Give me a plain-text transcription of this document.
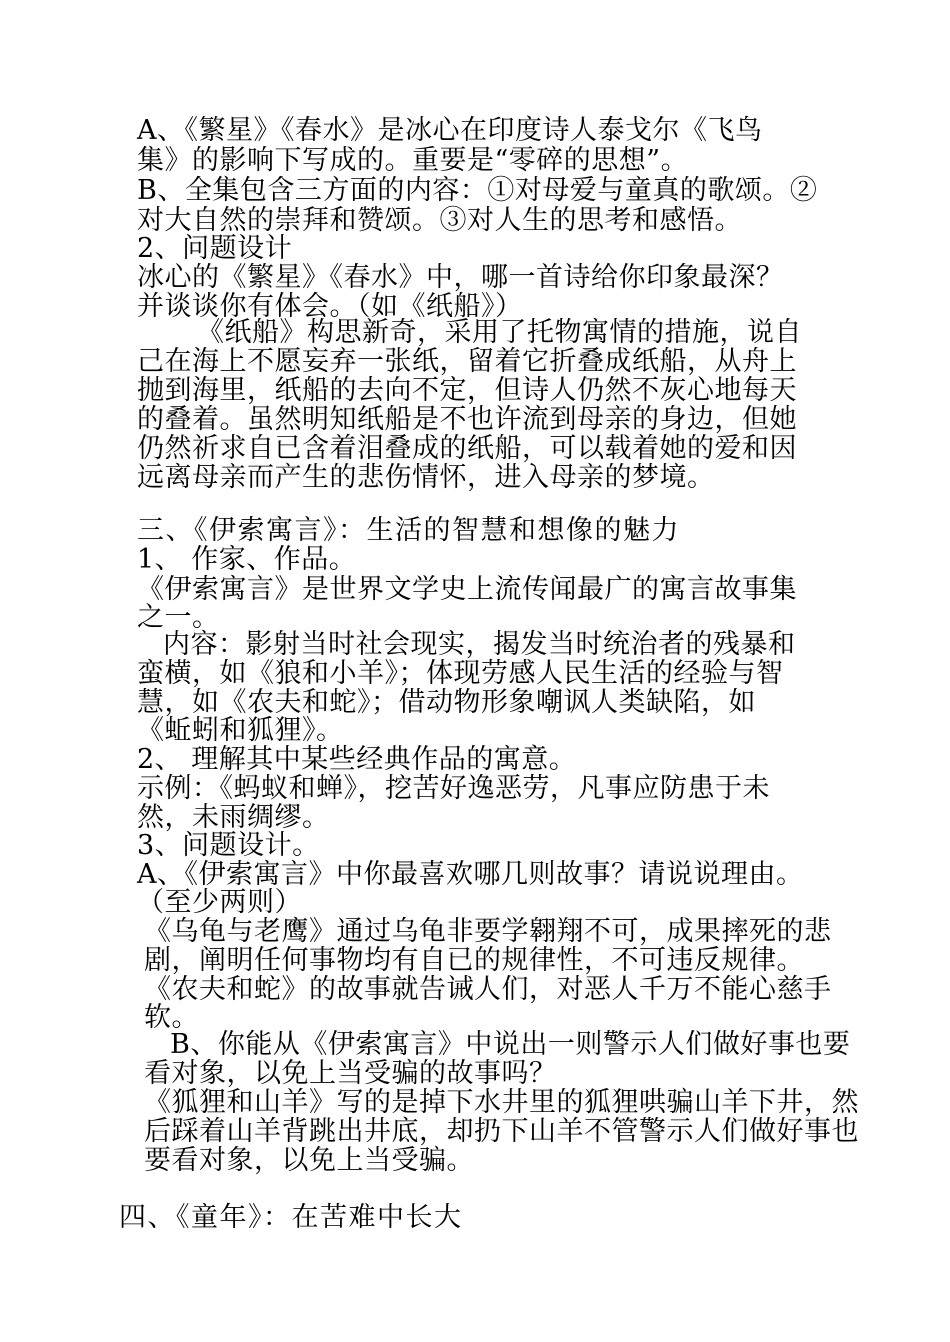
A、《繁星》《春水》是冰心在印度诗人泰戈尔《飞鸟
集》的影响下写成的。重要是“零碎的思想”。
B、全集包含三方面的内容：①对母爱与童真的歌颂。②
对大自然的崇拜和赞颂。③对人生的思考和感悟。
2、问题设计
冰心的《繁星》《春水》中，哪一首诗给你印象最深？
并谈谈你有体会。（如《纸船》）
《纸船》构思新奇，采用了托物寓情的措施，说自
己在海上不愿妄弃一张纸，留着它折叠成纸船，从舟上
抛到海里，纸船的去向不定，但诗人仍然不灰心地每天
的叠着。虽然明知纸船是不也许流到母亲的身边，但她
仍然祈求自已含着泪叠成的纸船，可以载着她的爱和因
远离母亲而产生的悲伤情怀，进入母亲的梦境。
三、《伊索寓言》：生活的智慧和想像的魅力
1、 作家、作品。
《伊索寓言》是世界文学史上流传闻最广的寓言故事集
之一。
内容：影射当时社会现实，揭发当时统治者的残暴和
蛮横，如《狼和小羊》；体现劳感人民生活的经验与智
慧，如《农夫和蛇》；借动物形象嘲讽人类缺陷，如
《蚯蚓和狐狸》。
2、 理解其中某些经典作品的寓意。
示例：《蚂蚁和蝉》，挖苦好逸恶劳，凡事应防患于未
然，未雨绸缪。
3、问题设计。
A、《伊索寓言》中你最喜欢哪几则故事？请说说理由。
（至少两则）
《乌龟与老鹰》通过乌龟非要学翱翔不可，成果摔死的悲
剧，阐明任何事物均有自已的规律性，不可违反规律。
《农夫和蛇》的故事就告诫人们，对恶人千万不能心慈手
软。
B、你能从《伊索寓言》中说出一则警示人们做好事也要
看对象，以免上当受骗的故事吗？
《狐狸和山羊》写的是掉下水井里的狐狸哄骗山羊下井，然
后踩着山羊背跳出井底，却扔下山羊不管警示人们做好事也
要看对象，以免上当受骗。
四、《童年》：在苦难中长大
